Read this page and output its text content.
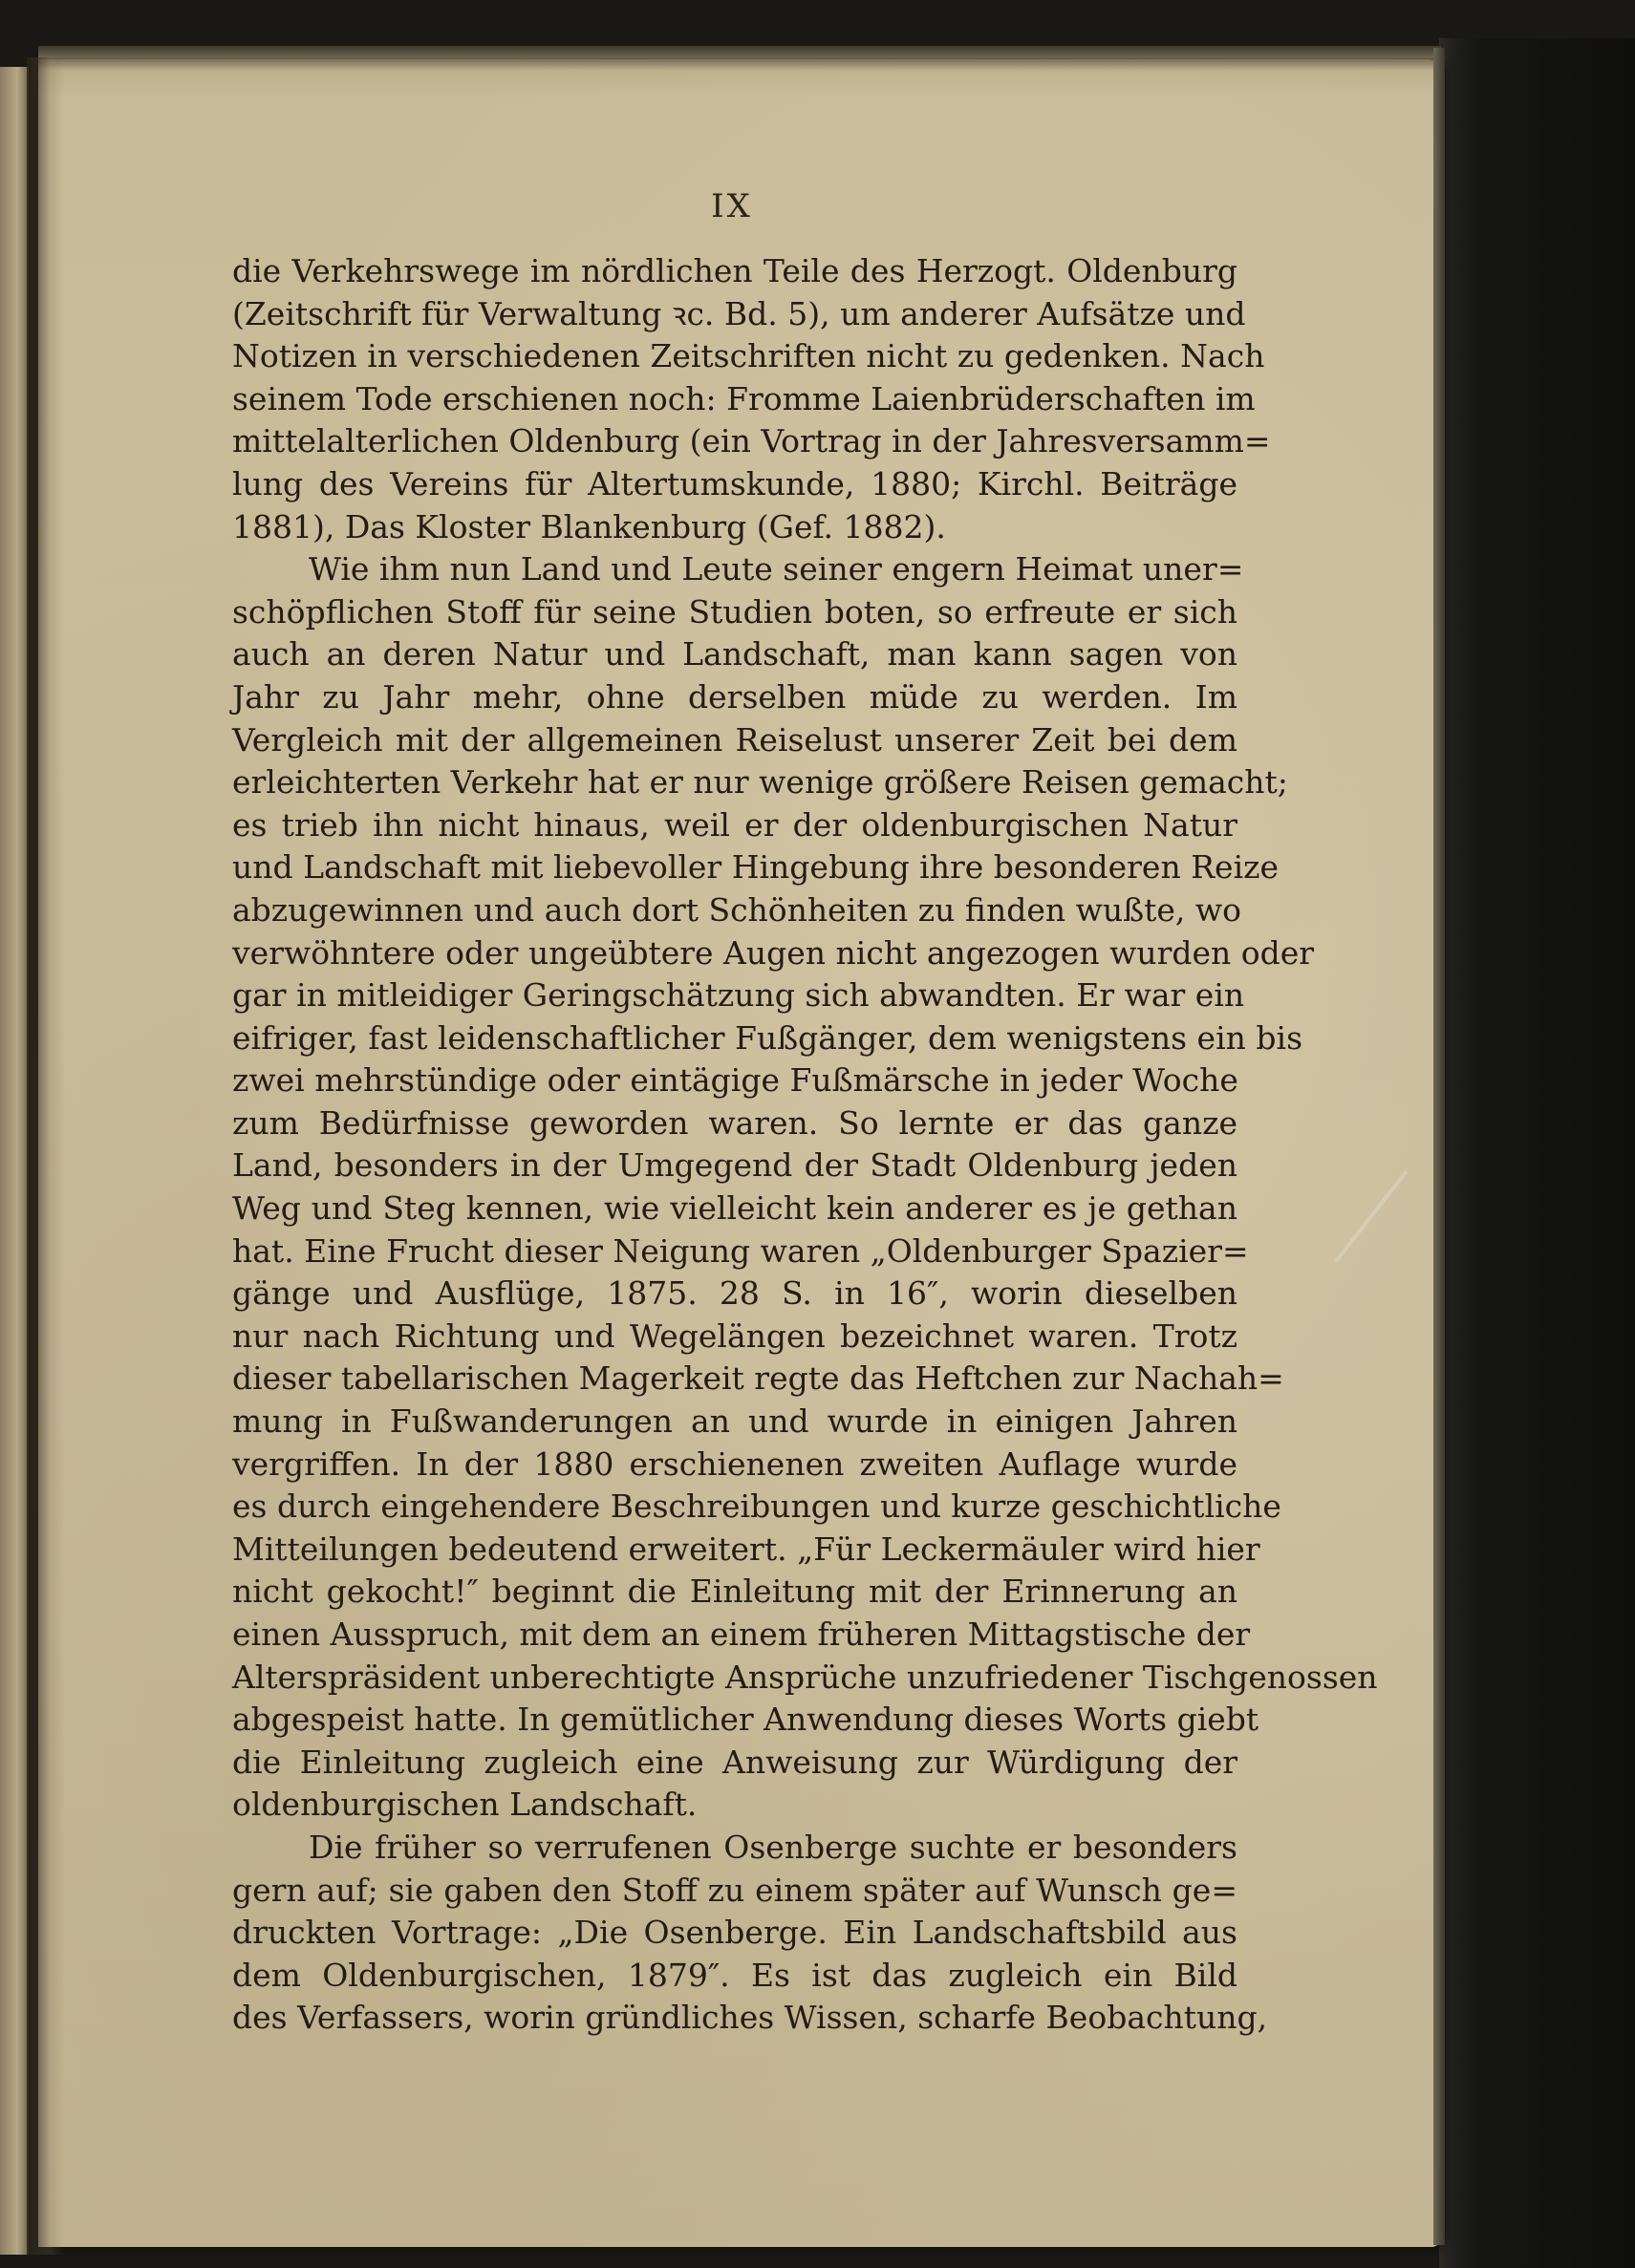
IX
die Verkehrswege im nördlichen Teile des Herzogt. Oldenburg
(Zeitschrift für Verwaltung ꝛc. Bd. 5), um anderer Aufsätze und
Notizen in verschiedenen Zeitschriften nicht zu gedenken. Nach
seinem Tode erschienen noch: Fromme Laienbrüderschaften im
mittelalterlichen Oldenburg (ein Vortrag in der Jahresversamm=
lung des Vereins für Altertumskunde, 1880; Kirchl. Beiträge
1881), Das Kloster Blankenburg (Gef. 1882).
Wie ihm nun Land und Leute seiner engern Heimat uner=
schöpflichen Stoff für seine Studien boten, so erfreute er sich
auch an deren Natur und Landschaft, man kann sagen von
Jahr zu Jahr mehr, ohne derselben müde zu werden. Im
Vergleich mit der allgemeinen Reiselust unserer Zeit bei dem
erleichterten Verkehr hat er nur wenige größere Reisen gemacht;
es trieb ihn nicht hinaus, weil er der oldenburgischen Natur
und Landschaft mit liebevoller Hingebung ihre besonderen Reize
abzugewinnen und auch dort Schönheiten zu finden wußte, wo
verwöhntere oder ungeübtere Augen nicht angezogen wurden oder
gar in mitleidiger Geringschätzung sich abwandten. Er war ein
eifriger, fast leidenschaftlicher Fußgänger, dem wenigstens ein bis
zwei mehrstündige oder eintägige Fußmärsche in jeder Woche
zum Bedürfnisse geworden waren. So lernte er das ganze
Land, besonders in der Umgegend der Stadt Oldenburg jeden
Weg und Steg kennen, wie vielleicht kein anderer es je gethan
hat. Eine Frucht dieser Neigung waren „Oldenburger Spazier=
gänge und Ausflüge, 1875. 28 S. in 16″, worin dieselben
nur nach Richtung und Wegelängen bezeichnet waren. Trotz
dieser tabellarischen Magerkeit regte das Heftchen zur Nachah=
mung in Fußwanderungen an und wurde in einigen Jahren
vergriffen. In der 1880 erschienenen zweiten Auflage wurde
es durch eingehendere Beschreibungen und kurze geschichtliche
Mitteilungen bedeutend erweitert. „Für Leckermäuler wird hier
nicht gekocht!″ beginnt die Einleitung mit der Erinnerung an
einen Ausspruch, mit dem an einem früheren Mittagstische der
Alterspräsident unberechtigte Ansprüche unzufriedener Tischgenossen
abgespeist hatte. In gemütlicher Anwendung dieses Worts giebt
die Einleitung zugleich eine Anweisung zur Würdigung der
oldenburgischen Landschaft.
Die früher so verrufenen Osenberge suchte er besonders
gern auf; sie gaben den Stoff zu einem später auf Wunsch ge=
druckten Vortrage: „Die Osenberge. Ein Landschaftsbild aus
dem Oldenburgischen, 1879″. Es ist das zugleich ein Bild
des Verfassers, worin gründliches Wissen, scharfe Beobachtung,
